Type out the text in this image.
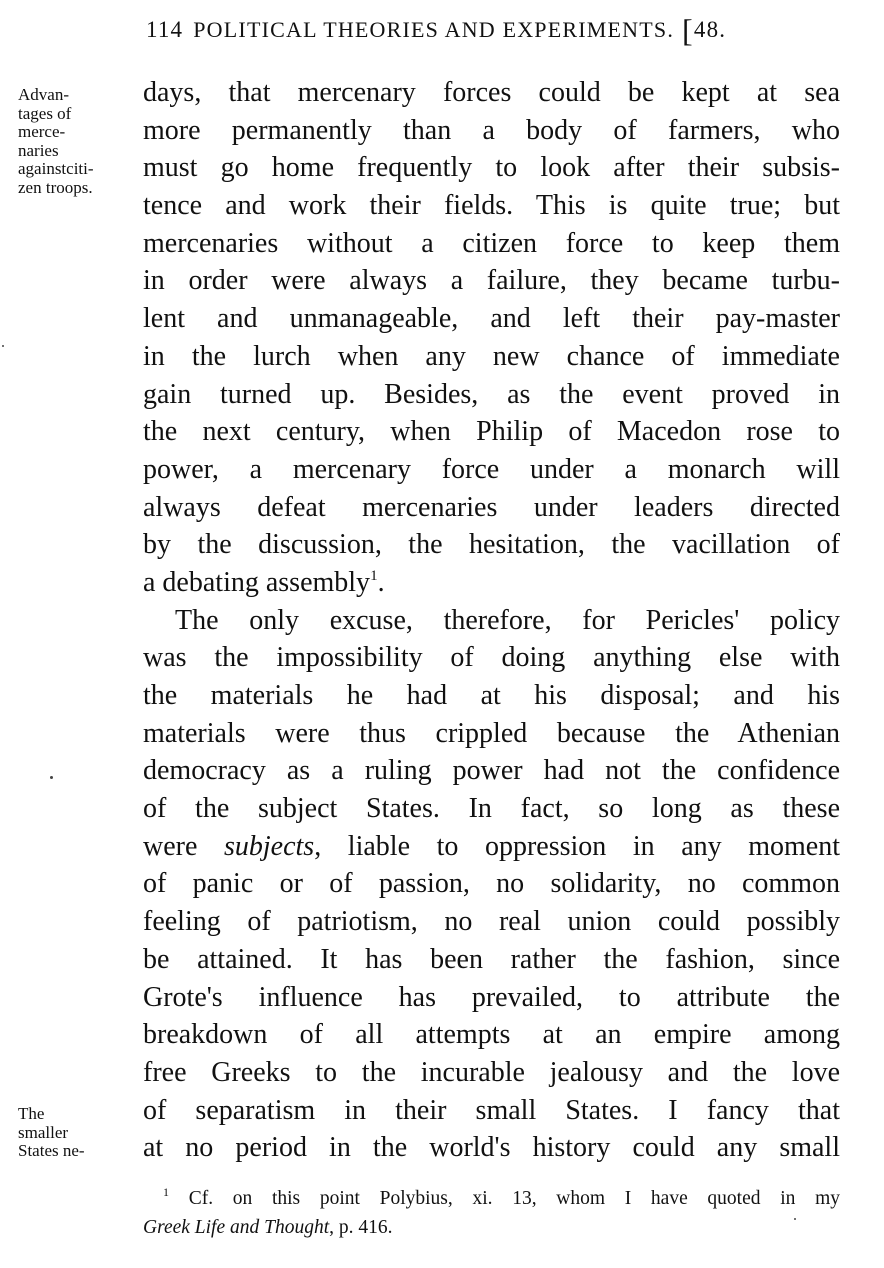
114 POLITICAL THEORIES AND EXPERIMENTS. [48.
Advan-
tages of
merce-
naries
againstciti-
zen troops.
The
smaller
States ne-
days, that mercenary forces could be kept at sea
more permanently than a body of farmers, who
must go home frequently to look after their subsis-
tence and work their fields. This is quite true; but
mercenaries without a citizen force to keep them
in order were always a failure, they became turbu-
lent and unmanageable, and left their pay-master
in the lurch when any new chance of immediate
gain turned up. Besides, as the event proved in
the next century, when Philip of Macedon rose to
power, a mercenary force under a monarch will
always defeat mercenaries under leaders directed
by the discussion, the hesitation, the vacillation of
a debating assembly$^1$.
The only excuse, therefore, for Pericles' policy
was the impossibility of doing anything else with
the materials he had at his disposal; and his
materials were thus crippled because the Athenian
democracy as a ruling power had not the confidence
of the subject States. In fact, so long as these
were subjects, liable to oppression in any moment
of panic or of passion, no solidarity, no common
feeling of patriotism, no real union could possibly
be attained. It has been rather the fashion, since
Grote's influence has prevailed, to attribute the
breakdown of all attempts at an empire among
free Greeks to the incurable jealousy and the love
of separatism in their small States. I fancy that
at no period in the world's history could any small
$^1$ Cf. on this point Polybius, xi. 13, whom I have quoted in my
Greek Life and Thought, p. 416.
